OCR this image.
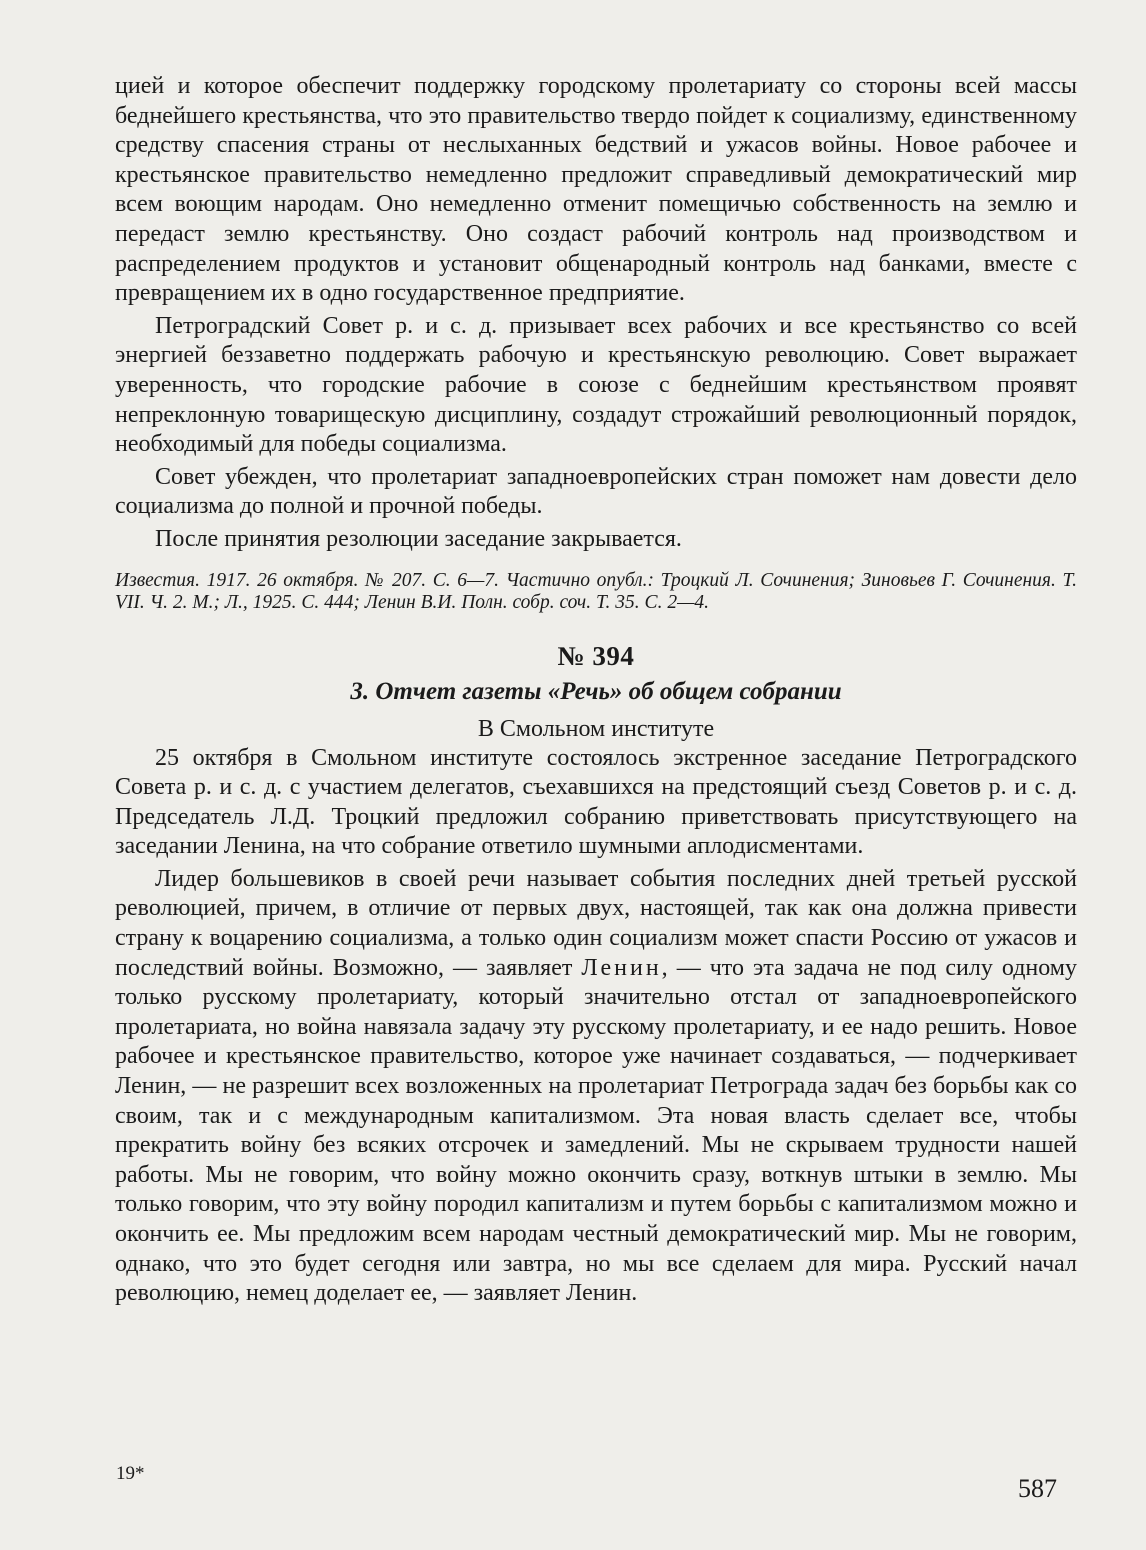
цией и которое обеспечит поддержку городскому пролетариату со стороны всей массы беднейшего крестьянства, что это правительство твердо пойдет к социализму, единственному средству спасения страны от неслыханных бедствий и ужасов войны. Новое рабочее и крестьянское правительство немедленно предложит справедливый демократический мир всем воющим народам. Оно немедленно отменит помещичью собственность на землю и передаст землю крестьянству. Оно создаст рабочий контроль над производством и распределением продуктов и установит общенародный контроль над банками, вместе с превращением их в одно государственное предприятие.

Петроградский Совет р. и с. д. призывает всех рабочих и все крестьянство со всей энергией беззаветно поддержать рабочую и крестьянскую революцию. Совет выражает уверенность, что городские рабочие в союзе с беднейшим крестьянством проявят непреклонную товарищескую дисциплину, создадут строжайший революционный порядок, необходимый для победы социализма.

Совет убежден, что пролетариат западноевропейских стран поможет нам довести дело социализма до полной и прочной победы.

После принятия резолюции заседание закрывается.

Известия. 1917. 26 октября. № 207. С. 6—7. Частично опубл.: Троцкий Л. Сочинения; Зиновьев Г. Сочинения. Т. VII. Ч. 2. М.; Л., 1925. С. 444; Ленин В.И. Полн. собр. соч. Т. 35. С. 2—4.
№ 394
3. Отчет газеты «Речь» об общем собрании
В Смольном институте

25 октября в Смольном институте состоялось экстренное заседание Петроградского Совета р. и с. д. с участием делегатов, съехавшихся на предстоящий съезд Советов р. и с. д. Председатель Л.Д. Троцкий предложил собранию приветствовать присутствующего на заседании Ленина, на что собрание ответило шумными аплодисментами.

Лидер большевиков в своей речи называет события последних дней третьей русской революцией, причем, в отличие от первых двух, настоящей, так как она должна привести страну к воцарению социализма, а только один социализм может спасти Россию от ужасов и последствий войны. Возможно, — заявляет Ленин, — что эта задача не под силу одному только русскому пролетариату, который значительно отстал от западноевропейского пролетариата, но война навязала задачу эту русскому пролетариату, и ее надо решить. Новое рабочее и крестьянское правительство, которое уже начинает создаваться, — подчеркивает Ленин, — не разрешит всех возложенных на пролетариат Петрограда задач без борьбы как со своим, так и с международным капитализмом. Эта новая власть сделает все, чтобы прекратить войну без всяких отсрочек и замедлений. Мы не скрываем трудности нашей работы. Мы не говорим, что войну можно окончить сразу, воткнув штыки в землю. Мы только говорим, что эту войну породил капитализм и путем борьбы с капитализмом можно и окончить ее. Мы предложим всем народам честный демократический мир. Мы не говорим, однако, что это будет сегодня или завтра, но мы все сделаем для мира. Русский начал революцию, немец доделает ее, — заявляет Ленин.

19*
587
